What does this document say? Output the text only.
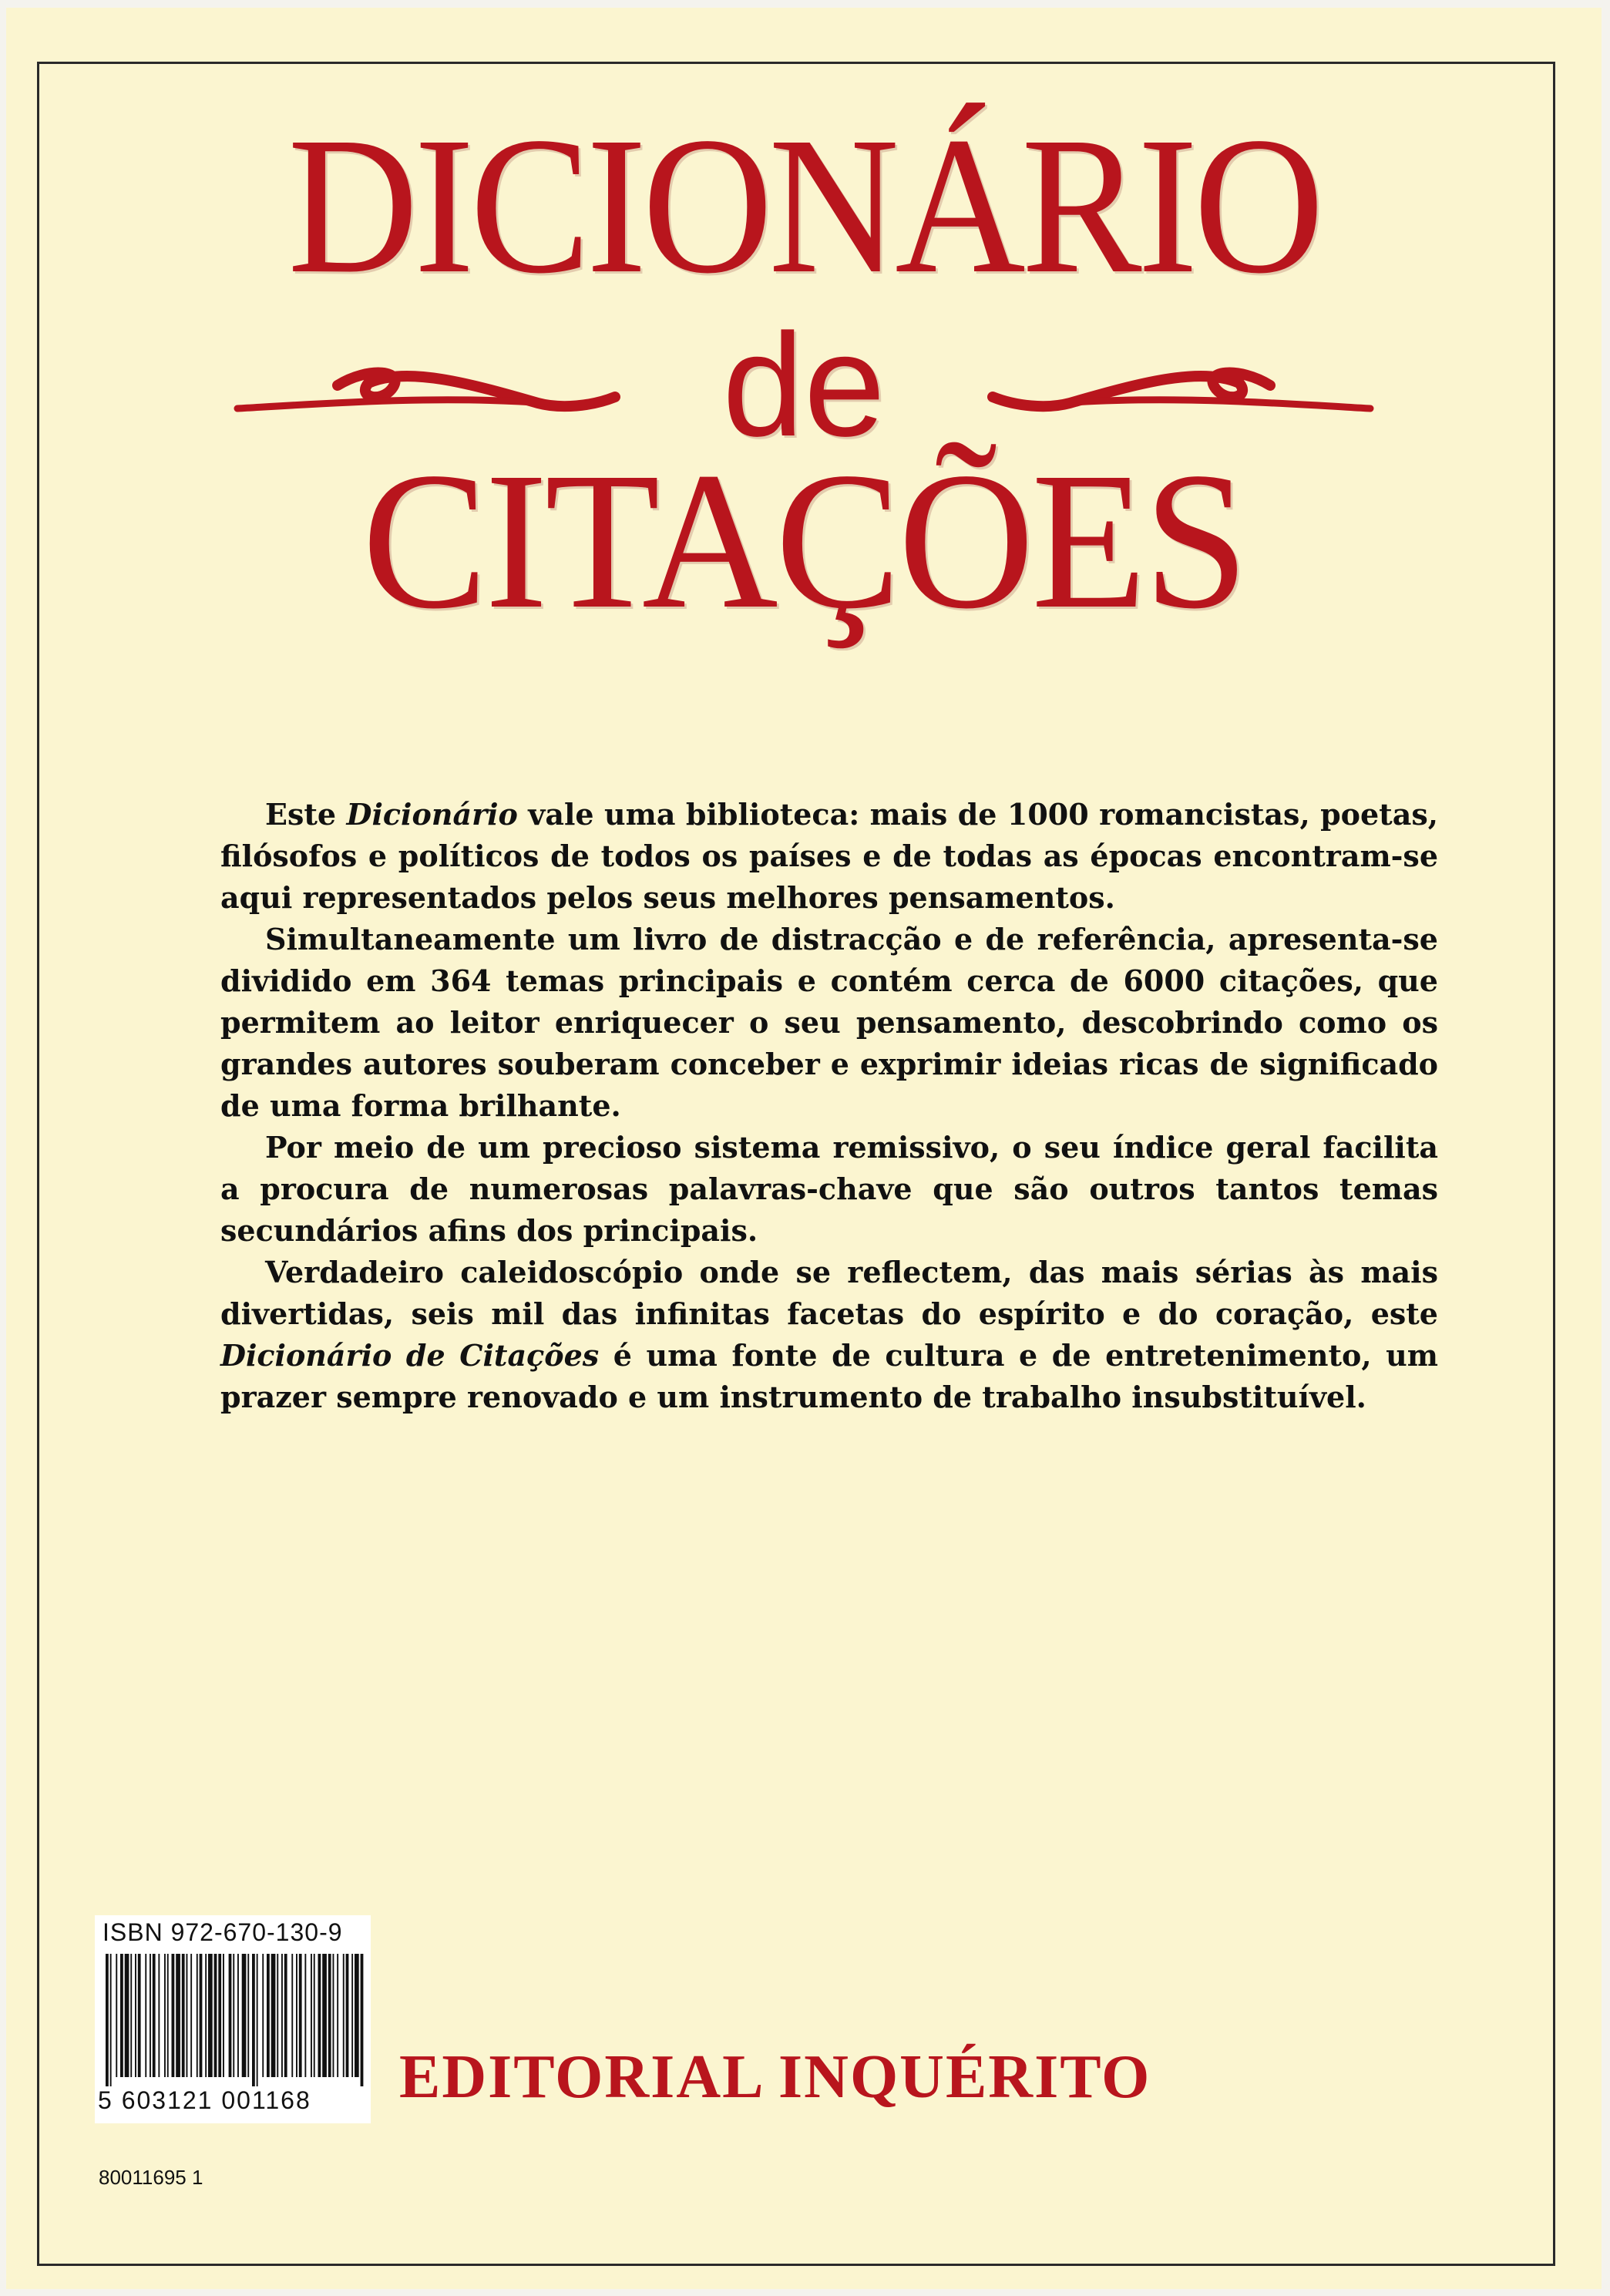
DICIONÁRIO
de
CITAÇÕES

Este Dicionário vale uma biblioteca: mais de 1000 romancistas, poetas, filósofos e políticos de todos os países e de todas as épocas encontram-se aqui representados pelos seus melhores pensamentos.

Simultaneamente um livro de distracção e de referência, apresenta-se dividido em 364 temas principais e contém cerca de 6000 citações, que permitem ao leitor enriquecer o seu pensamento, descobrindo como os grandes autores souberam conceber e exprimir ideias ricas de significado de uma forma brilhante.

Por meio de um precioso sistema remissivo, o seu índice geral facilita a procura de numerosas palavras-chave que são outros tantos temas secundários afins dos principais.

Verdadeiro caleidoscópio onde se reflectem, das mais sérias às mais divertidas, seis mil das infinitas facetas do espírito e do coração, este Dicionário de Citações é uma fonte de cultura e de entretenimento, um prazer sempre renovado e um instrumento de trabalho insubstituível.

ISBN 972-670-130-9
5 603121 001168
80011695 1
EDITORIAL INQUÉRITO
